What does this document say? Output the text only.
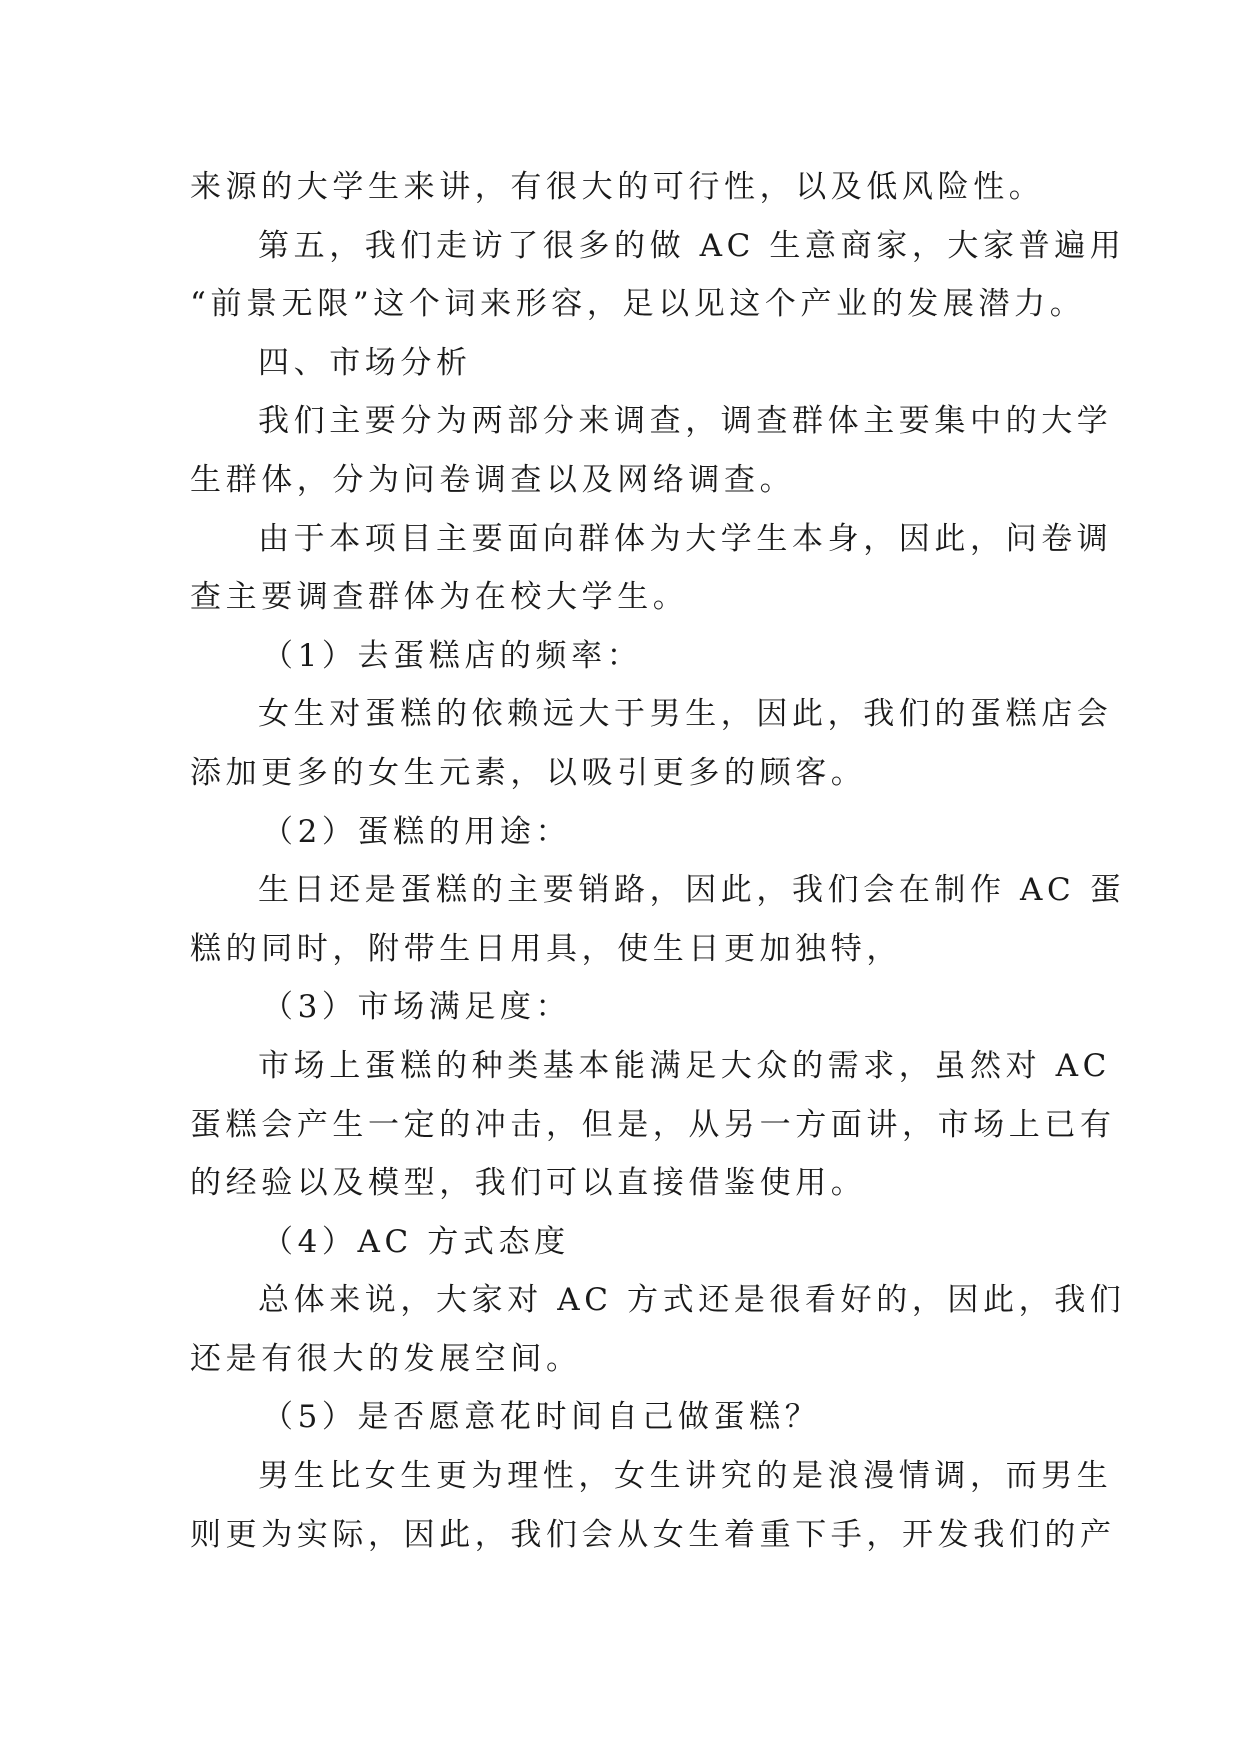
来源的大学生来讲，有很大的可行性，以及低风险性。
第五，我们走访了很多的做 AC 生意商家，大家普遍用
“前景无限”这个词来形容，足以见这个产业的发展潜力。
四、市场分析
我们主要分为两部分来调查，调查群体主要集中的大学
生群体，分为问卷调查以及网络调查。
由于本项目主要面向群体为大学生本身，因此，问卷调
查主要调查群体为在校大学生。
（1）去蛋糕店的频率：
女生对蛋糕的依赖远大于男生，因此，我们的蛋糕店会
添加更多的女生元素，以吸引更多的顾客。
（2）蛋糕的用途：
生日还是蛋糕的主要销路，因此，我们会在制作 AC 蛋
糕的同时，附带生日用具，使生日更加独特，
（3）市场满足度：
市场上蛋糕的种类基本能满足大众的需求，虽然对 AC
蛋糕会产生一定的冲击，但是，从另一方面讲，市场上已有
的经验以及模型，我们可以直接借鉴使用。
（4）AC 方式态度
总体来说，大家对 AC 方式还是很看好的，因此，我们
还是有很大的发展空间。
（5）是否愿意花时间自己做蛋糕？
男生比女生更为理性，女生讲究的是浪漫情调，而男生
则更为实际，因此，我们会从女生着重下手，开发我们的产
